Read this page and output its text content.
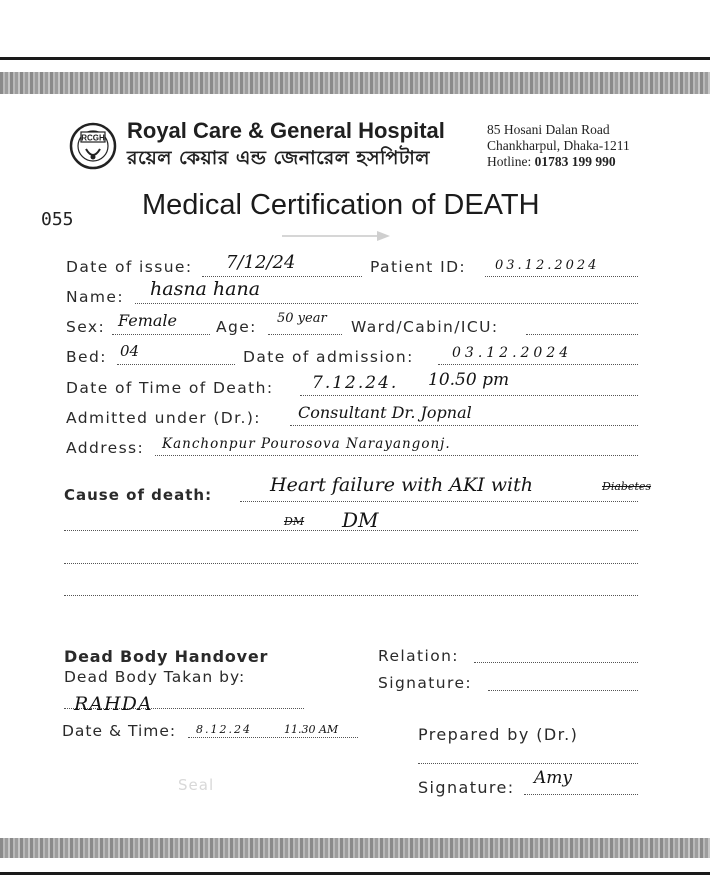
RCGH Royal Care & General Hospital
রয়েল কেয়ার এন্ড জেনারেল হসপিটাল
85 Hosani Dalan Road
Chankharpul, Dhaka-1211
Hotline: 01783 199 990
055 Medical Certification of DEATH
Date of issue: 7/12/24	Patient ID: 03.12.2024
Name: hasna hana
Sex: Female	Age: 50 year Ward/Cabin/ICU:
Bed: 04	Date of admission:	03.12.2024
Date of Time of Death: 7.12.24. 10.50 pm
Admitted under (Dr.): Consultant Dr. Jopnal
Address: Kanchonpur Pourosova Narayangonj.
Cause of death:	Heart failure with AKI with	Diabetes
DM DM
Dead Body Handover
Dead Body Takan by:
RAHDA
Date & Time: 8.12.24	11.30 AM
Seal
Relation:
Signature:
Prepared by (Dr.)
Signature: Amy
